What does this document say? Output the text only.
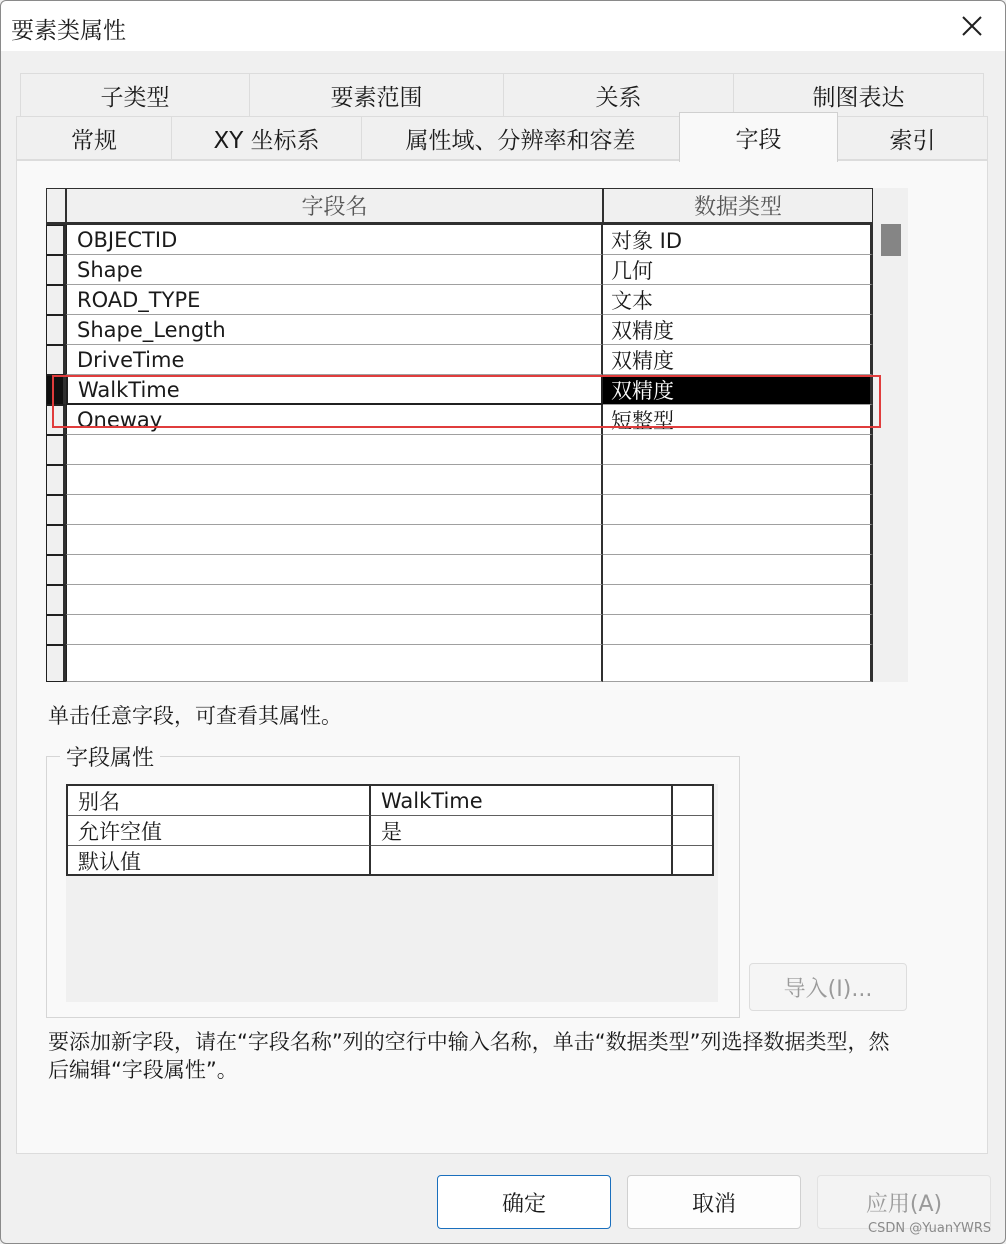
要素类属性
子类型	要素范围	关系	制图表达
常规	XY 坐标系	属性域、分辨率和容差	字段	索引
字段名	数据类型
OBJECTID	对象 ID
Shape	几何
ROAD_TYPE	文本
Shape_Length	双精度
DriveTime	双精度
WalkTime	双精度
Oneway	短整型
单击任意字段，可查看其属性。
字段属性
别名	WalkTime
允许空值	是
默认值
导入(I)...
要添加新字段，请在“字段名称”列的空行中输入名称，单击“数据类型”列选择数据类型，然后编辑“字段属性”。
确定	取消	应用(A)
CSDN @YuanYWRS
